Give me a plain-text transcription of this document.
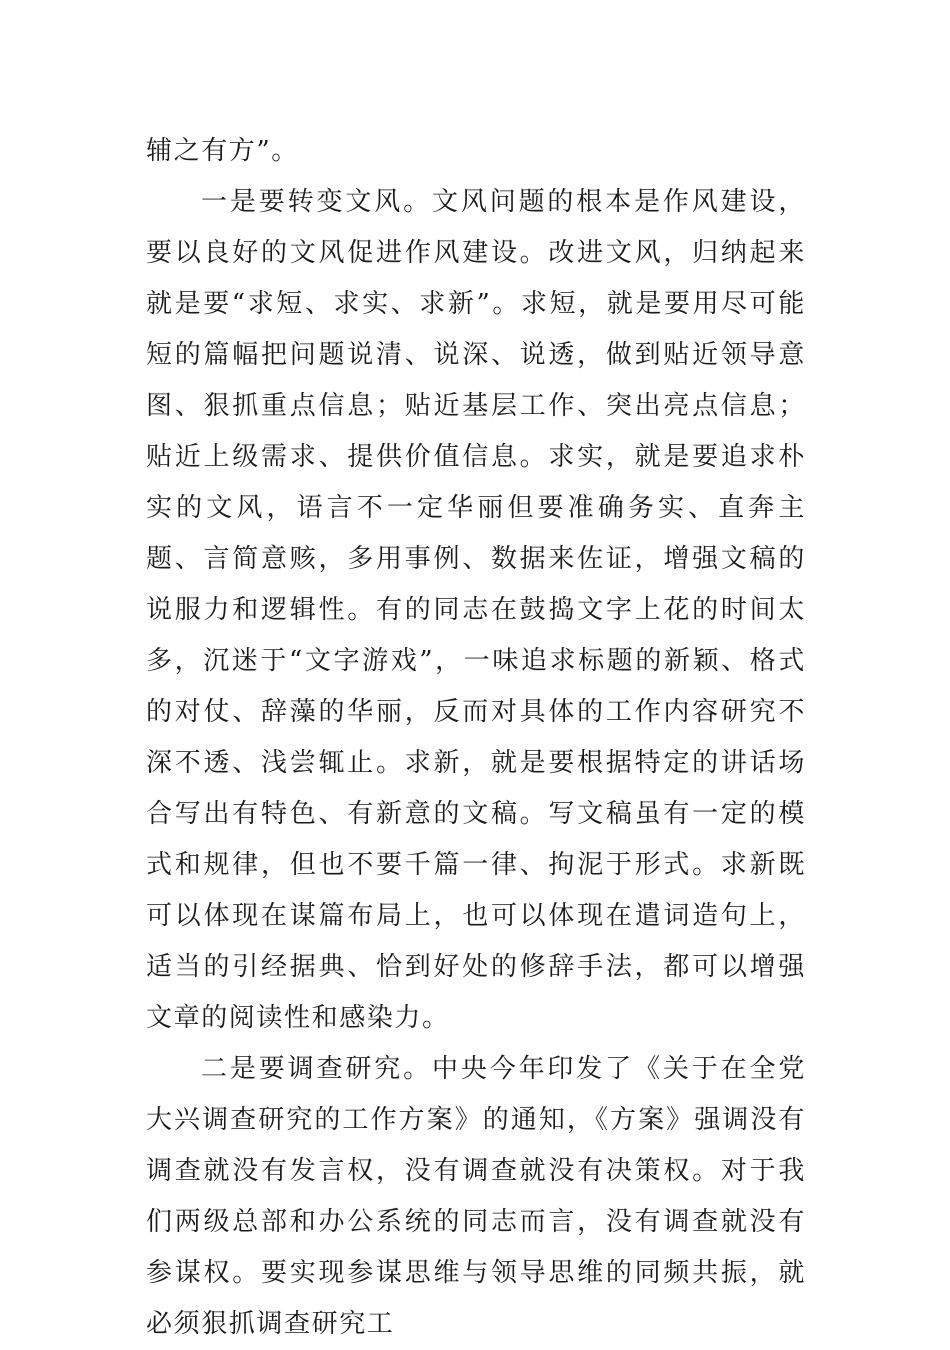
辅之有方”。

一是要转变文风。文风问题的根本是作风建设，要以良好的文风促进作风建设。改进文风，归纳起来就是要“求短、求实、求新”。求短，就是要用尽可能短的篇幅把问题说清、说深、说透，做到贴近领导意图、狠抓重点信息；贴近基层工作、突出亮点信息；贴近上级需求、提供价值信息。求实，就是要追求朴实的文风，语言不一定华丽但要准确务实、直奔主题、言简意赅，多用事例、数据来佐证，增强文稿的说服力和逻辑性。有的同志在鼓捣文字上花的时间太多，沉迷于“文字游戏”，一味追求标题的新颖、格式的对仗、辞藻的华丽，反而对具体的工作内容研究不深不透、浅尝辄止。求新，就是要根据特定的讲话场合写出有特色、有新意的文稿。写文稿虽有一定的模式和规律，但也不要千篇一律、拘泥于形式。求新既可以体现在谋篇布局上，也可以体现在遣词造句上，适当的引经据典、恰到好处的修辞手法，都可以增强文章的阅读性和感染力。

二是要调查研究。中央今年印发了《关于在全党大兴调查研究的工作方案》的通知，《方案》强调没有调查就没有发言权，没有调查就没有决策权。对于我们两级总部和办公系统的同志而言，没有调查就没有参谋权。要实现参谋思维与领导思维的同频共振，就必须狠抓调查研究工
